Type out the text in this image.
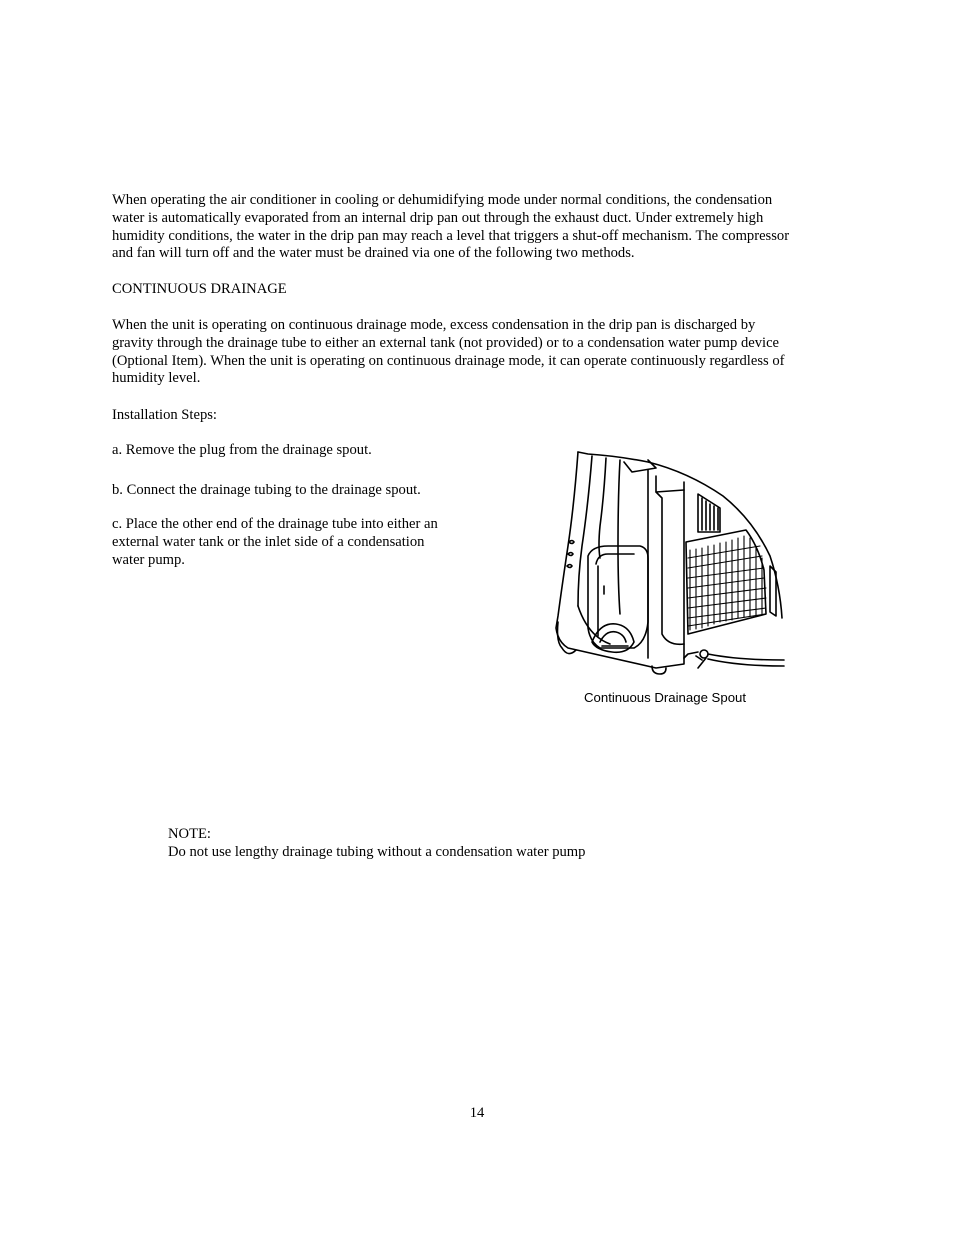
When operating the air conditioner in cooling or dehumidifying mode under normal conditions, the condensation
water is automatically evaporated from an internal drip pan out through the exhaust duct. Under extremely high
humidity conditions, the water in the drip pan may reach a level that triggers a shut-off mechanism. The compressor
and fan will turn off and the water must be drained via one of the following two methods.

CONTINUOUS DRAINAGE

When the unit is operating on continuous drainage mode, excess condensation in the drip pan is discharged by
gravity through the drainage tube to either an external tank (not provided) or to a condensation water pump device
(Optional Item). When the unit is operating on continuous drainage mode, it can operate continuously regardless of
humidity level.

Installation Steps:

a. Remove the plug from the drainage spout.

b. Connect the drainage tubing to the drainage spout.

c. Place the other end of the drainage tube into either an
external water tank or the inlet side of a condensation
water pump.

Continuous Drainage Spout
NOTE:
Do not use lengthy drainage tubing without a condensation water pump
14
